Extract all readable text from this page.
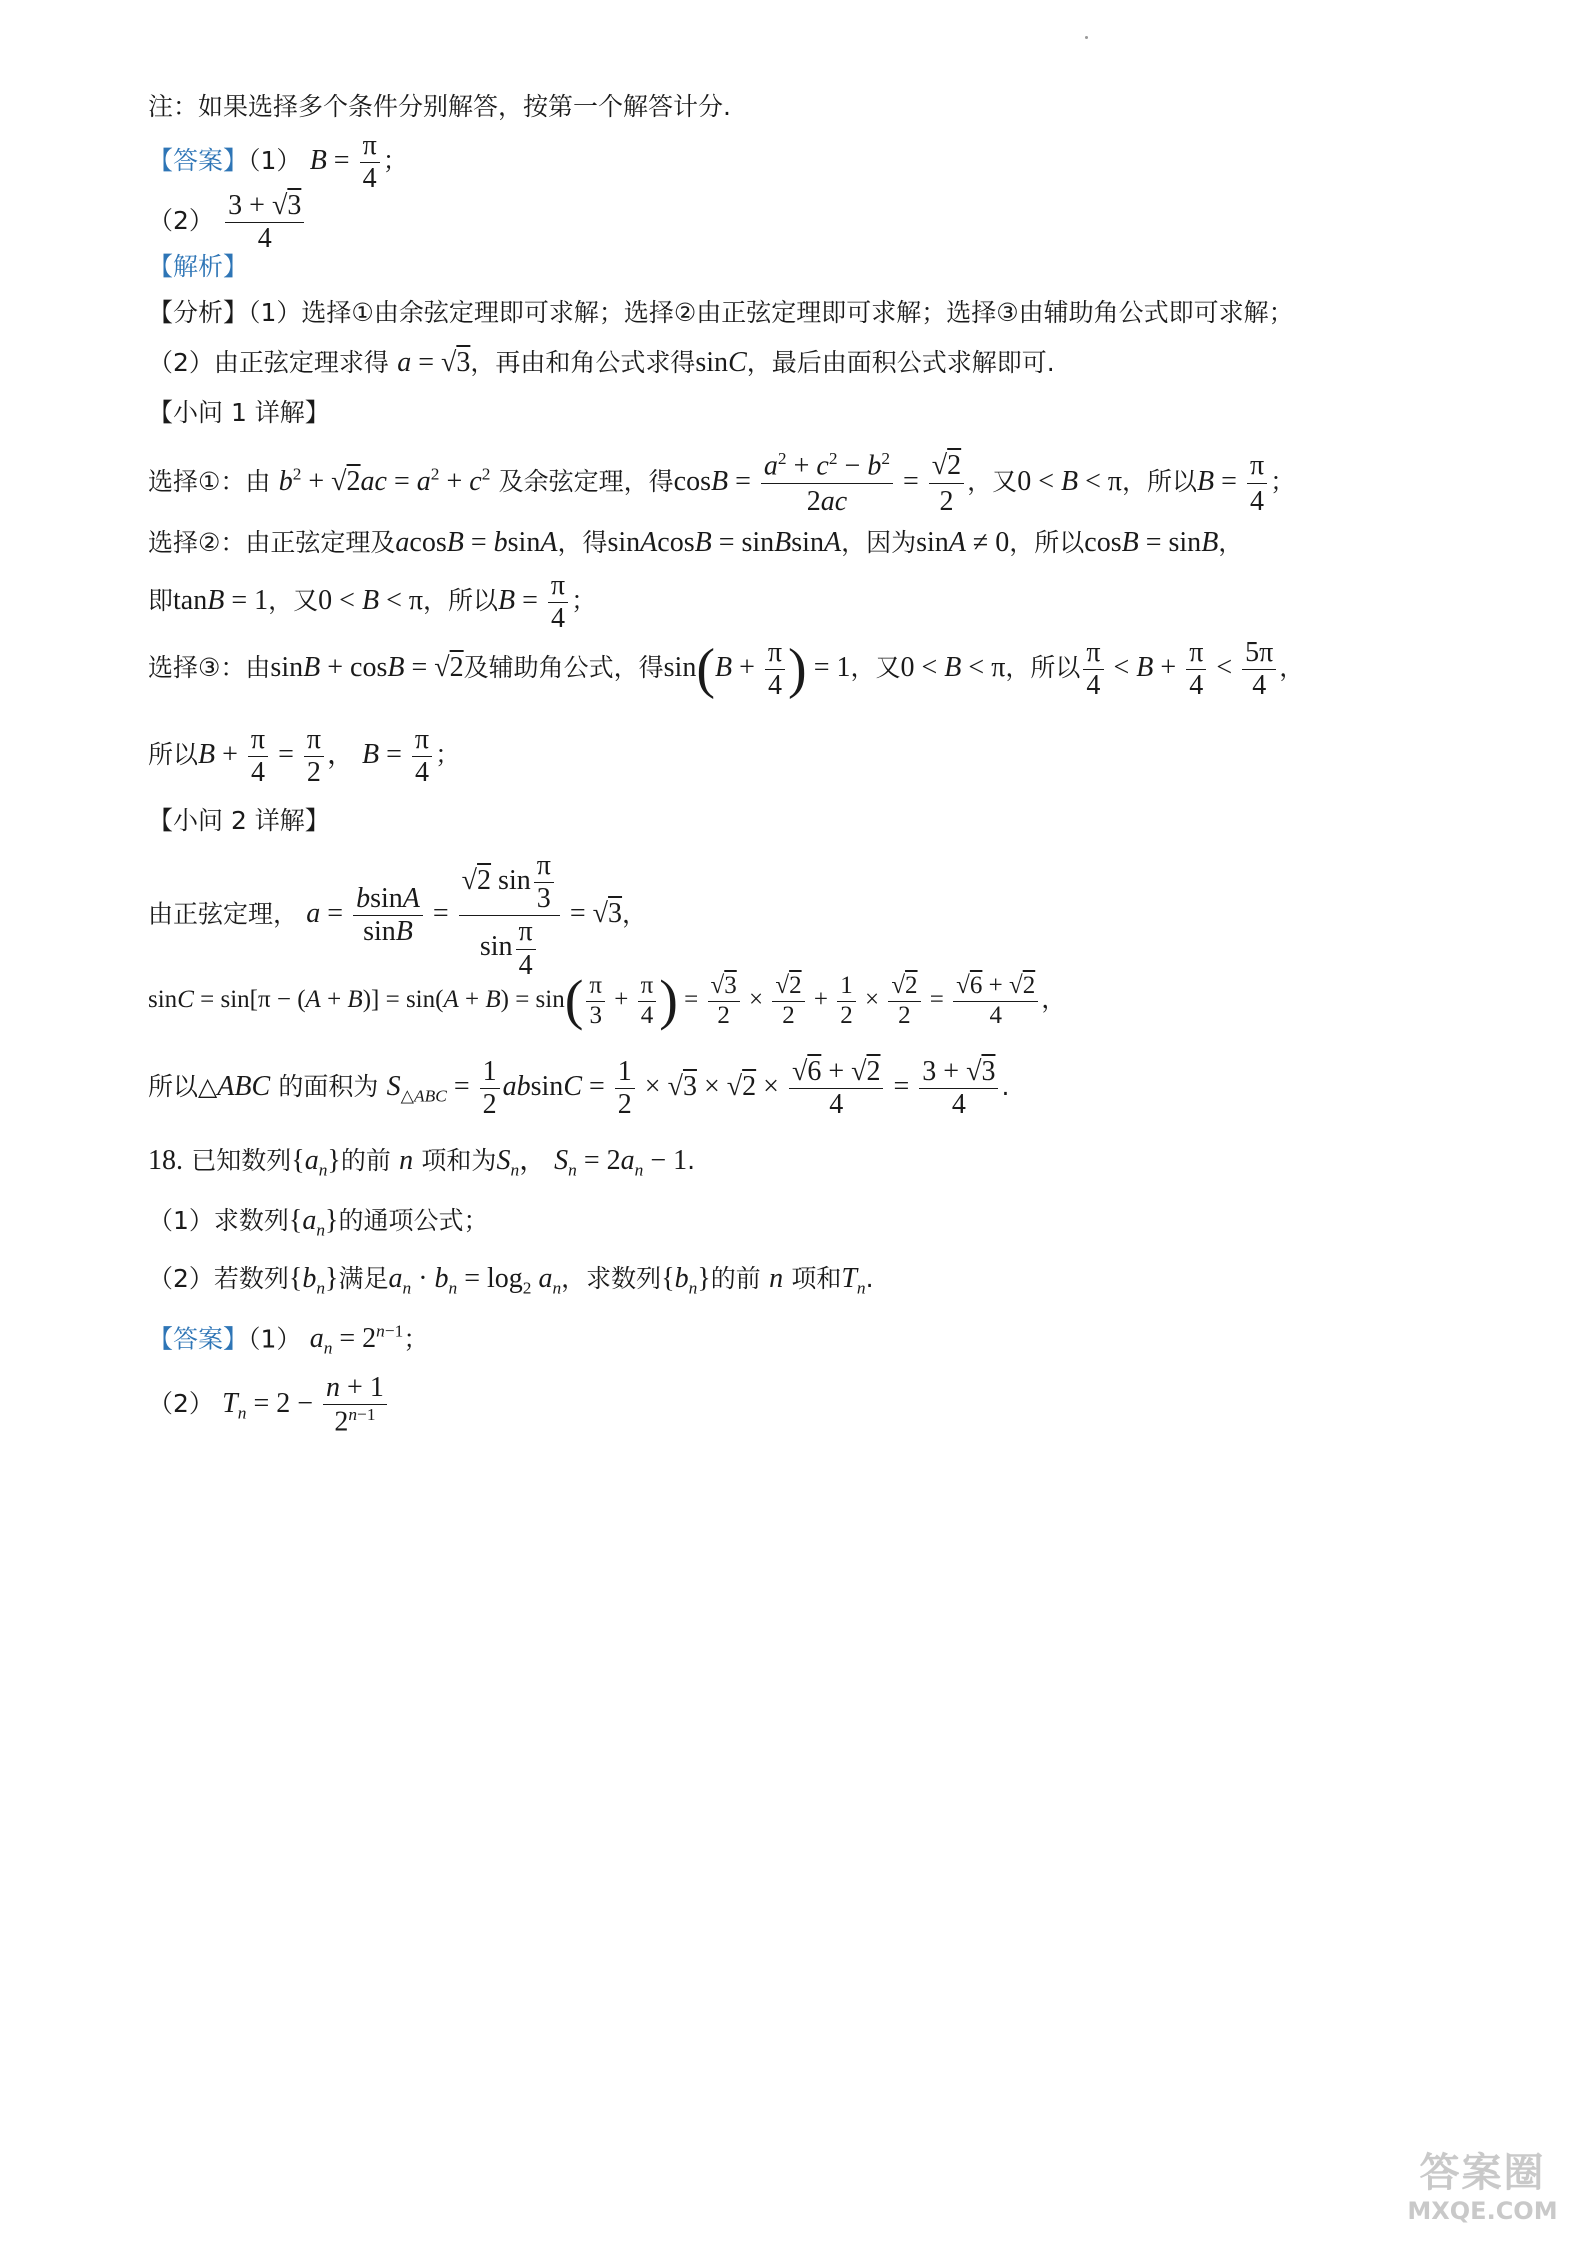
注：如果选择多个条件分别解答，按第一个解答计分.
【答案】（1） $B = \frac{\pi}{4}$ ；
$(2) \frac{3 + √3}{4}$
【解析】
【分析】（1）选择①由余弦定理即可求解；选择②由正弦定理即可求解；选择③由辅助角公式即可求解；
（2）由正弦定理求得 a = √3，再由和角公式求得sinC，最后由面积公式求解即可.
【小问 1 详解】
选择①：由 $b^2 + √2ac = a^2 + c^2$ 及余弦定理，得$\cos B = \frac{a^2 + c^2 - b^2}{2ac} = \frac{√2}{2}$ ，又0 < B < π，所以$B = \frac{\pi}{4}$ ；
选择②：由正弦定理及acosB = bsinA，得sinAcosB = sinBsinA，因为sinA ≠ 0，所以cosB = sinB，
即tanB = 1，又0 < B < π，所以$B = \frac{\pi}{4}$ ；
选择③：由sinB + cosB = √2及辅助角公式，得$\sin(B + \frac{\pi}{4}$ ) = 1，又0 < B < π，所以 $\frac{\pi}{4} < B + \frac{\pi}{4} < \frac{5\pi}{4}$ ，
所以$B + \frac{\pi}{4} = \frac{\pi}{2}$ ， $B = \frac{\pi}{4}$ ；
【小问 2 详解】
由正弦定理， $a = \frac{bsinA}{\sin B} = \frac{√2 \sin \frac{\pi}{3}}{\sin \frac{\pi}{4}} = √3$，
$\sin C = \sin[\pi - (A + B)] = \sin(A + B) = \sin( \frac{\pi}{3} + \frac{\pi}{4}$ ) = $\frac{√3}{2} \times \frac{√2}{2} + \frac{1}{2} \times \frac{√2}{2} = \frac{√6 + √2}{4}$ ，
所以△ABC 的面积为 $S_{\triangle ABC} = \frac{1}{2}$ $absinC = \frac{1}{2} \times √3 \times √2 \times \frac{√6 + √2}{4} = \frac{3 + √3}{4}$ .
18. 已知数列$\{a_n\}$的前 n 项和为$S_n$， $S_n = 2a_n - 1$.
（1）求数列$\{a_n\}$的通项公式；
（2）若数列$\{b_n\}$满足$a_n \cdot b_n = \log_2 a_n$，求数列$\{b_n\}$的前 n 项和$T_n$.
【答案】（1） $a_n = 2^{n-1}$；
（2） $T_n = 2 - \frac{n + 1}{2^{n-1}}$
答案圈
MXQE.COM
